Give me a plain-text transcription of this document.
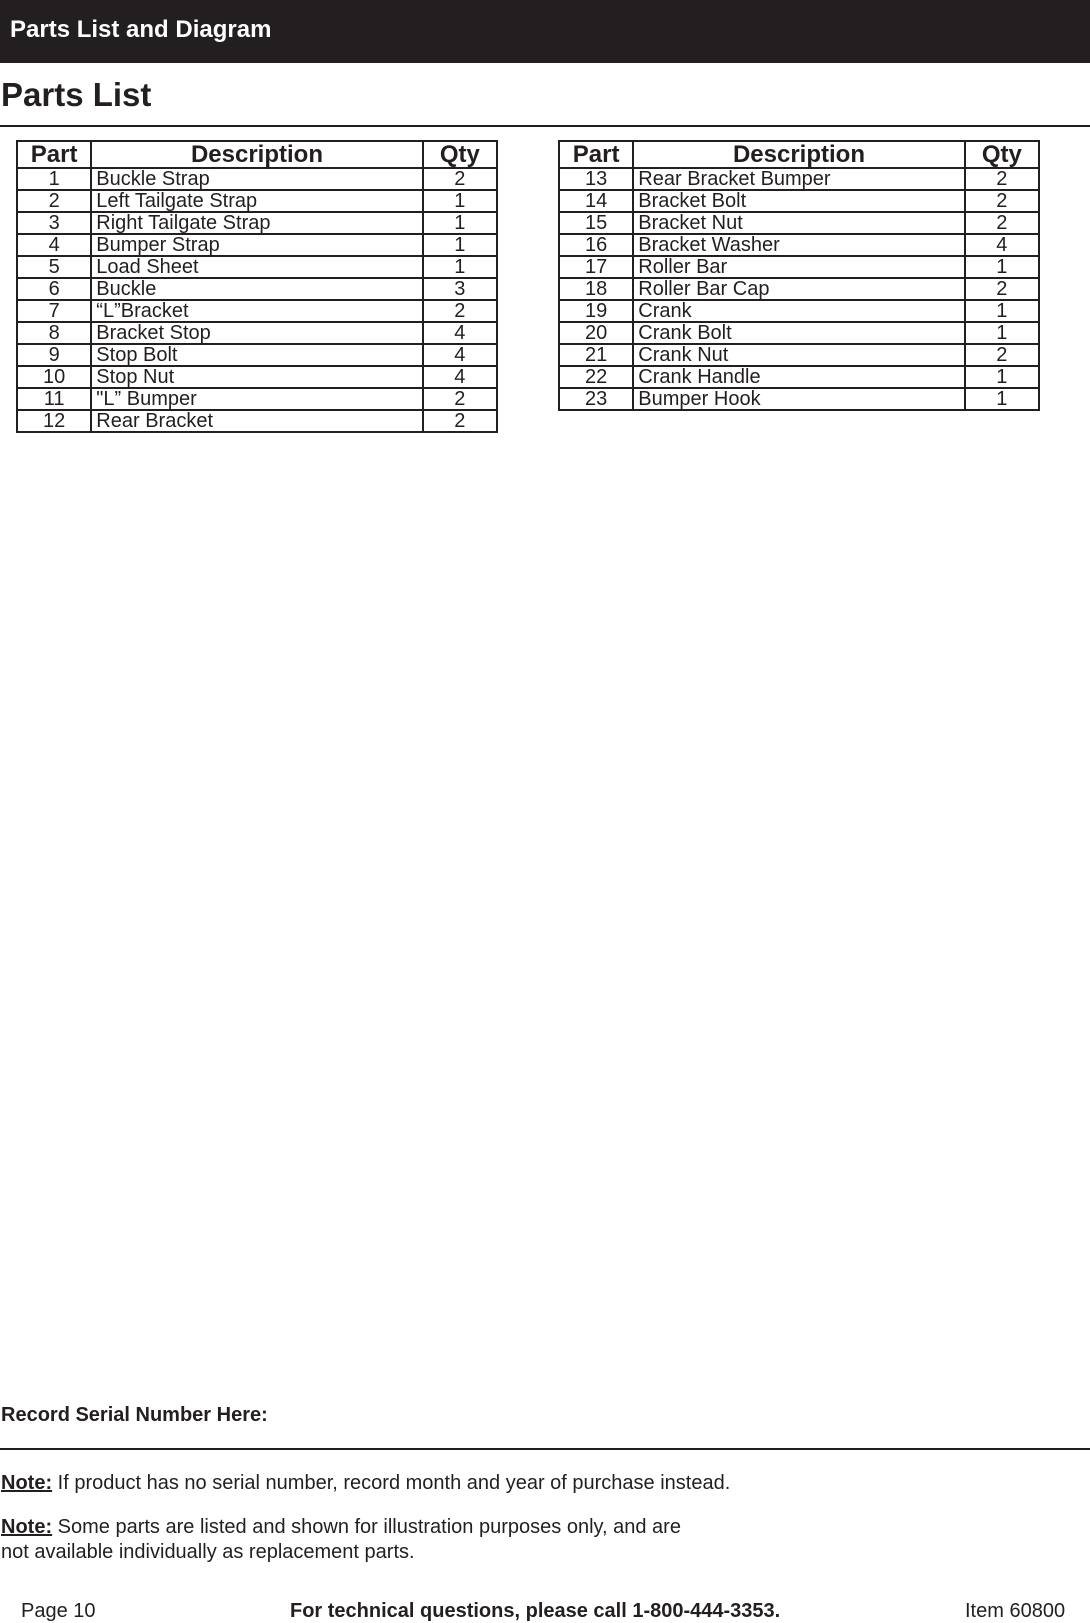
Parts List and Diagram
Parts List
Part	Description	Qty
1	Buckle Strap	2
2	Left Tailgate Strap	1
3	Right Tailgate Strap	1
4	Bumper Strap	1
5	Load Sheet	1
6	Buckle	3
7	“L”Bracket	2
8	Bracket Stop	4
9	Stop Bolt	4
10	Stop Nut	4
11	"L” Bumper	2
12	Rear Bracket	2
Part	Description	Qty
13	Rear Bracket Bumper	2
14	Bracket Bolt	2
15	Bracket Nut	2
16	Bracket Washer	4
17	Roller Bar	1
18	Roller Bar Cap	2
19	Crank	1
20	Crank Bolt	1
21	Crank Nut	2
22	Crank Handle	1
23	Bumper Hook	1
Record Serial Number Here:
Note: If product has no serial number, record month and year of purchase instead.
Note: Some parts are listed and shown for illustration purposes only, and are not available individually as replacement parts.
Page 10	For technical questions, please call 1-800-444-3353.	Item 60800
